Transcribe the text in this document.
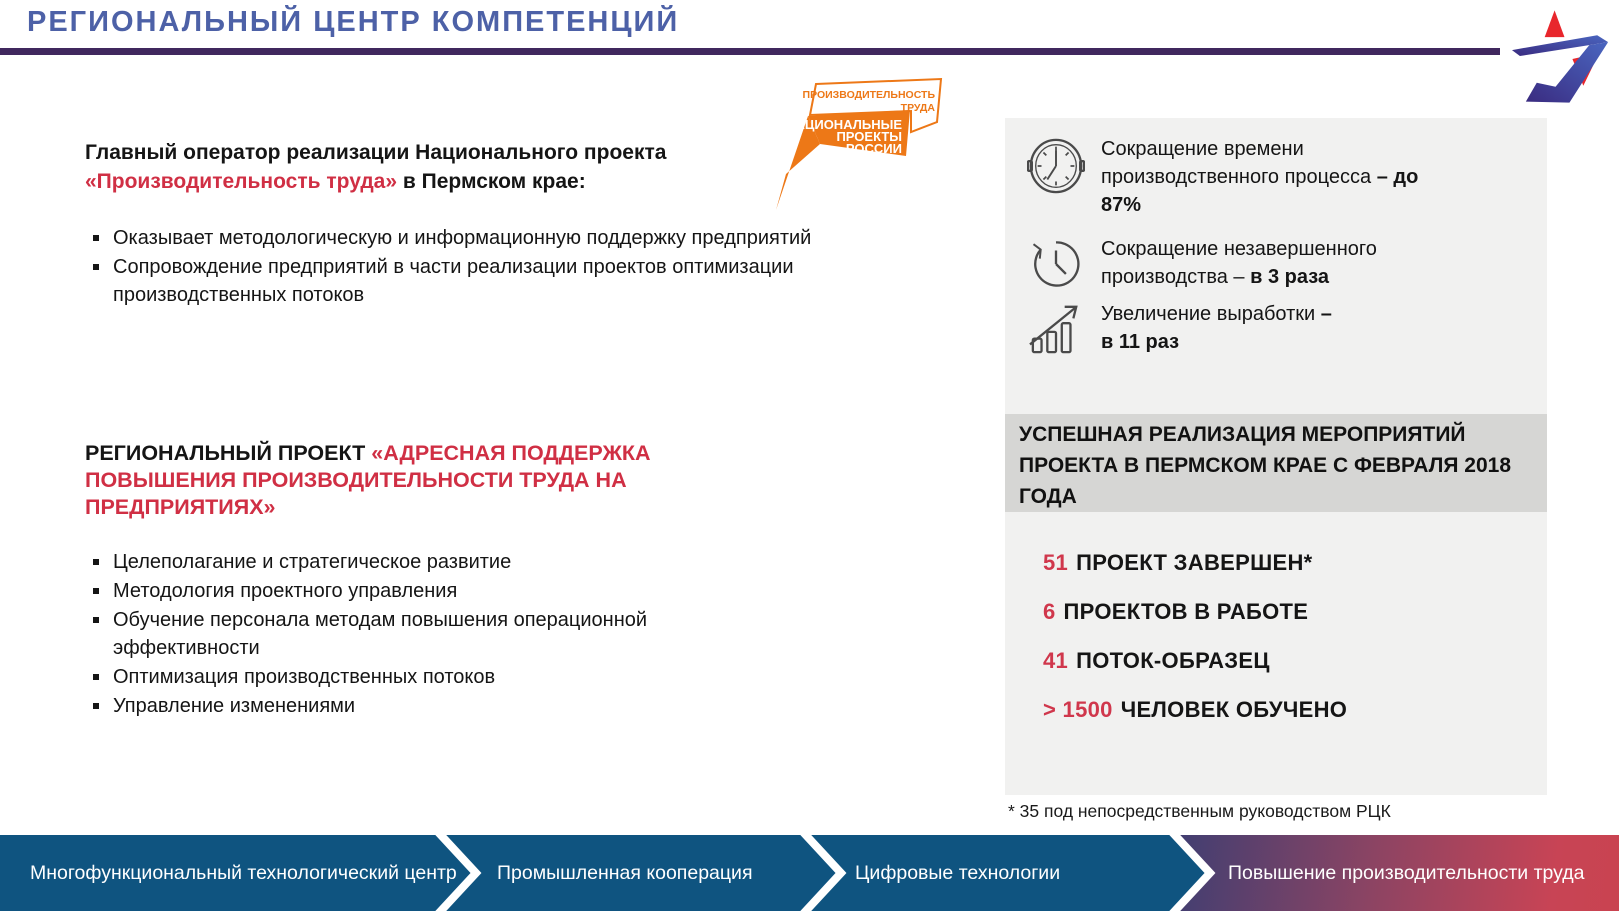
РЕГИОНАЛЬНЫЙ ЦЕНТР КОМПЕТЕНЦИЙ
Главный оператор реализации Национального проекта
«Производительность труда» в Пермском крае:
Оказывает методологическую и информационную поддержку предприятий
Сопровождение предприятий в части реализации проектов оптимизации производственных потоков
РЕГИОНАЛЬНЫЙ ПРОЕКТ «АДРЕСНАЯ ПОДДЕРЖКА ПОВЫШЕНИЯ ПРОИЗВОДИТЕЛЬНОСТИ ТРУДА НА ПРЕДПРИЯТИЯХ»
Целеполагание и стратегическое развитие
Методология проектного управления
Обучение персонала методам повышения операционной эффективности
Оптимизация производственных потоков
Управление изменениями
ПРОИЗВОДИТЕЛЬНОСТЬ
ТРУДА
НАЦИОНАЛЬНЫЕ
ПРОЕКТЫ
РОССИИ	Сокращение времени производственного процесса – до 87%

Сокращение незавершенного производства – в 3 раза

Увеличение выработки – в 11 раз

УСПЕШНАЯ РЕАЛИЗАЦИЯ МЕРОПРИЯТИЙ ПРОЕКТА В ПЕРМСКОМ КРАЕ С ФЕВРАЛЯ 2018 ГОДА
51 ПРОЕКТ ЗАВЕРШЕН*
6 ПРОЕКТОВ В РАБОТЕ
41 ПОТОК-ОБРАЗЕЦ
> 1500 ЧЕЛОВЕК ОБУЧЕНО
* 35 под непосредственным руководством РЦК
Многофункциональный технологический центр Промышленная кооперация	Цифровые технологии	Повышение производительности труда
